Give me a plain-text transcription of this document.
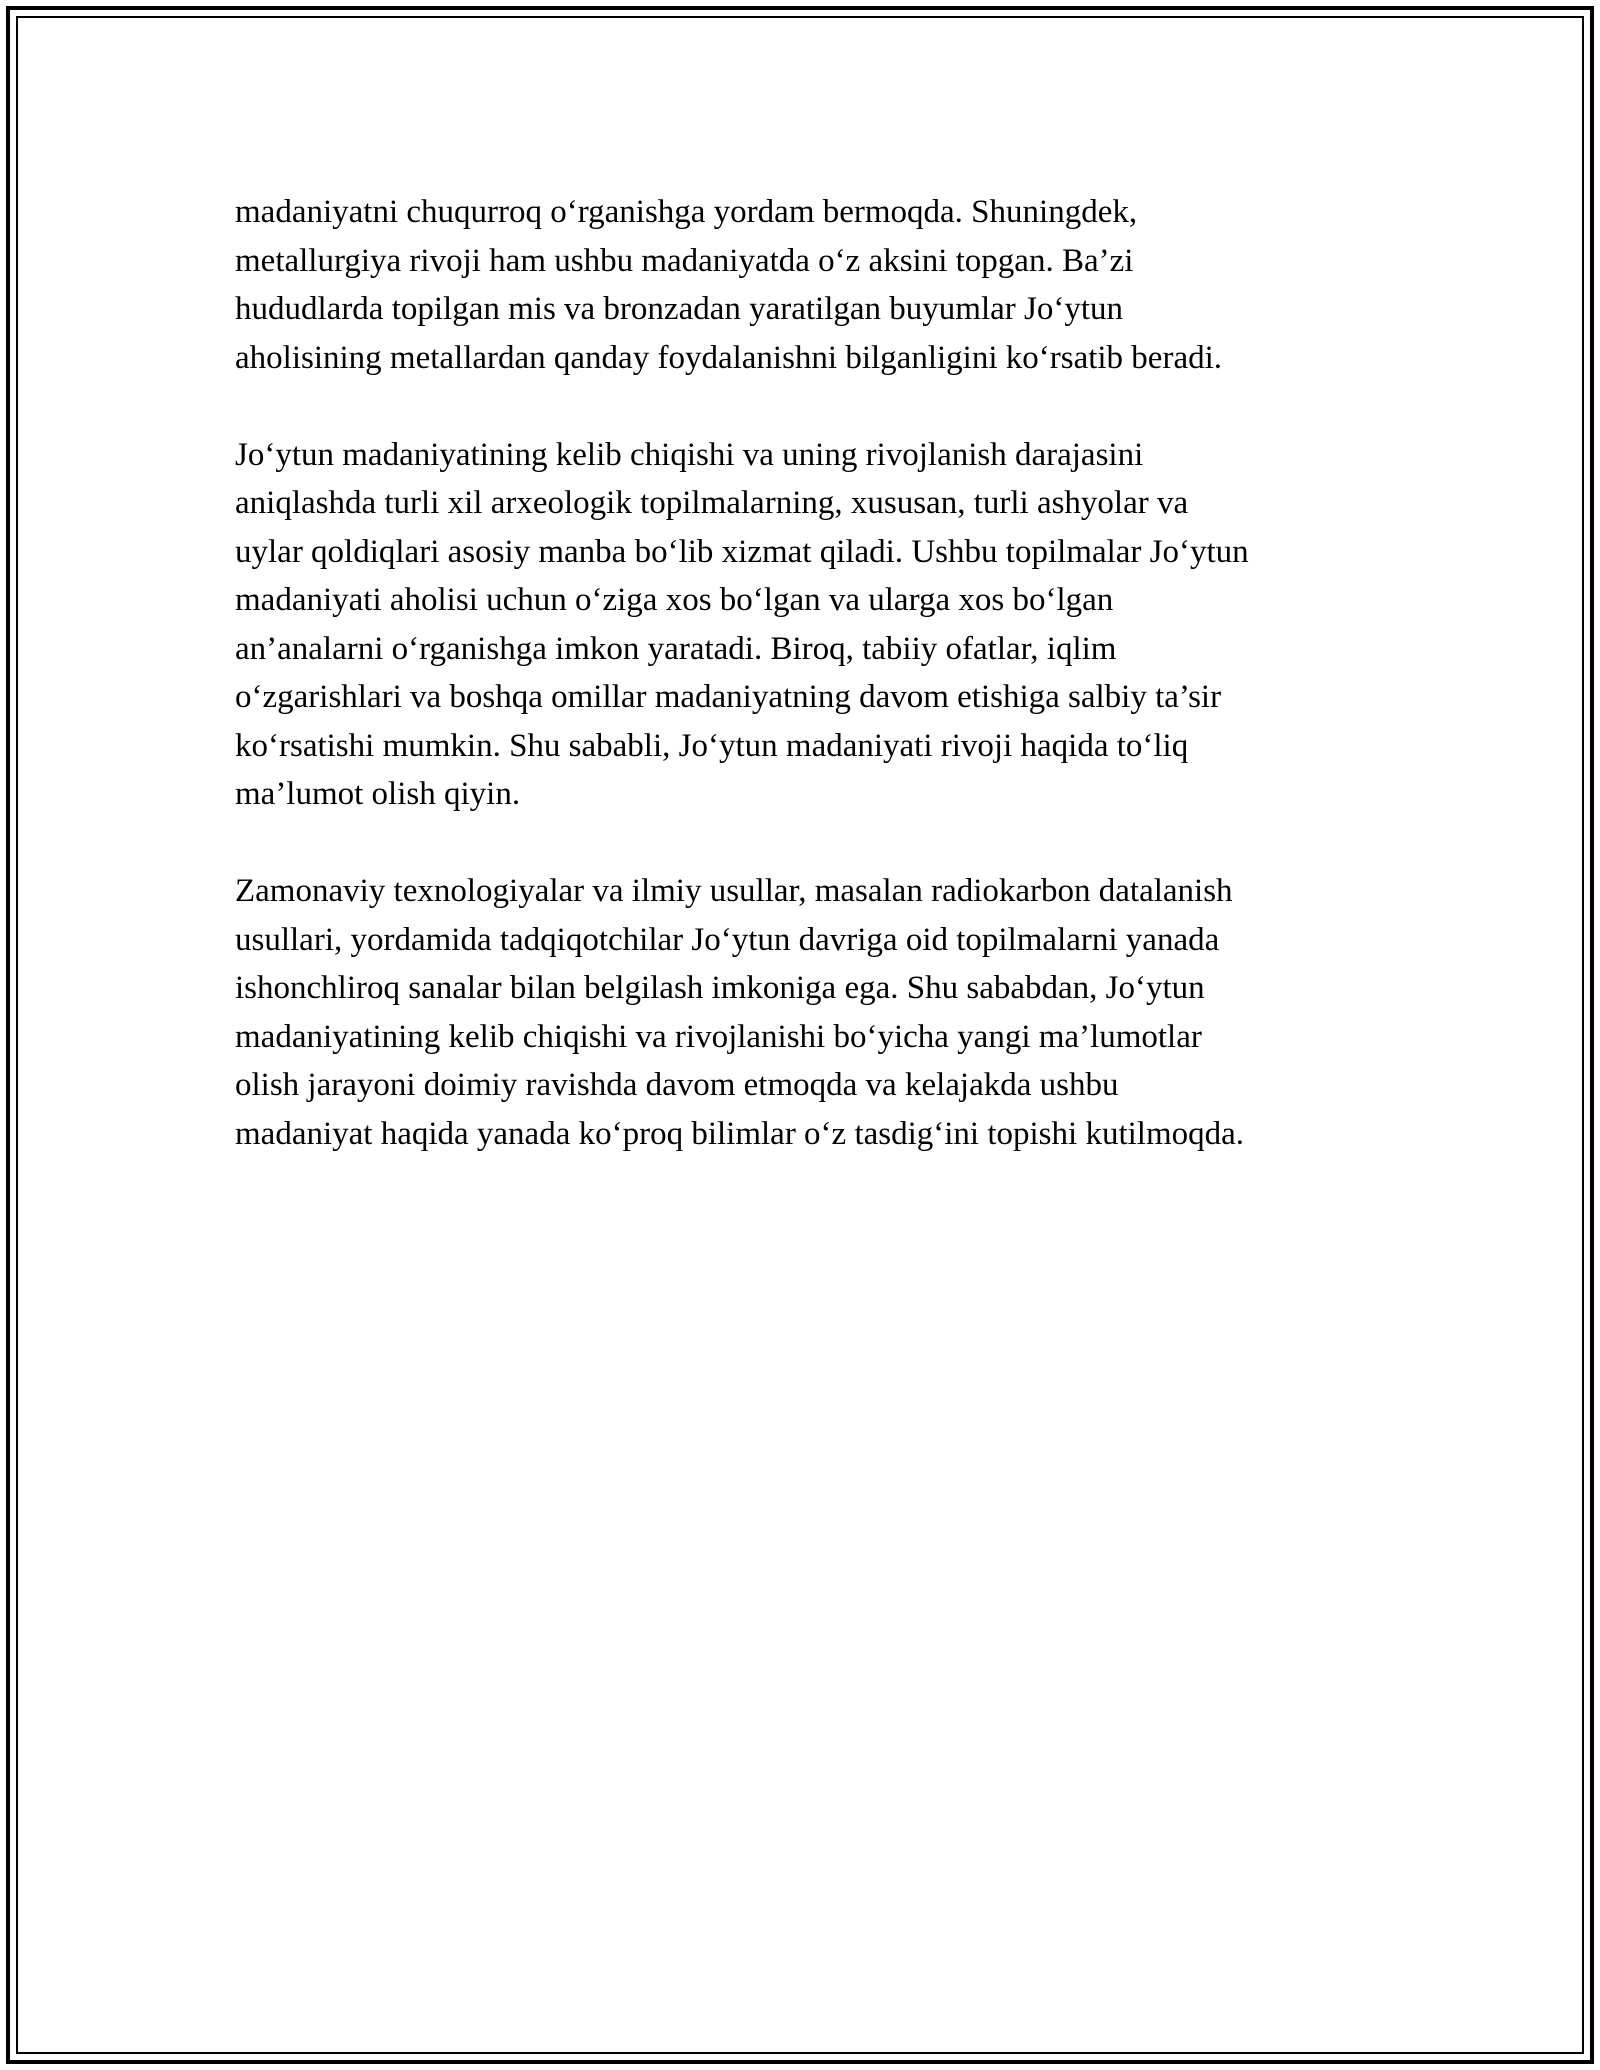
madaniyatni chuqurroq o‘rganishga yordam bermoqda. Shuningdek,
metallurgiya rivoji ham ushbu madaniyatda o‘z aksini topgan. Ba’zi
hududlarda topilgan mis va bronzadan yaratilgan buyumlar Jo‘ytun
aholisining metallardan qanday foydalanishni bilganligini ko‘rsatib beradi.

Jo‘ytun madaniyatining kelib chiqishi va uning rivojlanish darajasini
aniqlashda turli xil arxeologik topilmalarning, xususan, turli ashyolar va
uylar qoldiqlari asosiy manba bo‘lib xizmat qiladi. Ushbu topilmalar Jo‘ytun
madaniyati aholisi uchun o‘ziga xos bo‘lgan va ularga xos bo‘lgan
an’analarni o‘rganishga imkon yaratadi. Biroq, tabiiy ofatlar, iqlim
o‘zgarishlari va boshqa omillar madaniyatning davom etishiga salbiy ta’sir
ko‘rsatishi mumkin. Shu sababli, Jo‘ytun madaniyati rivoji haqida to‘liq
ma’lumot olish qiyin.

Zamonaviy texnologiyalar va ilmiy usullar, masalan radiokarbon datalanish
usullari, yordamida tadqiqotchilar Jo‘ytun davriga oid topilmalarni yanada
ishonchliroq sanalar bilan belgilash imkoniga ega. Shu sababdan, Jo‘ytun
madaniyatining kelib chiqishi va rivojlanishi bo‘yicha yangi ma’lumotlar
olish jarayoni doimiy ravishda davom etmoqda va kelajakda ushbu
madaniyat haqida yanada ko‘proq bilimlar o‘z tasdig‘ini topishi kutilmoqda.
